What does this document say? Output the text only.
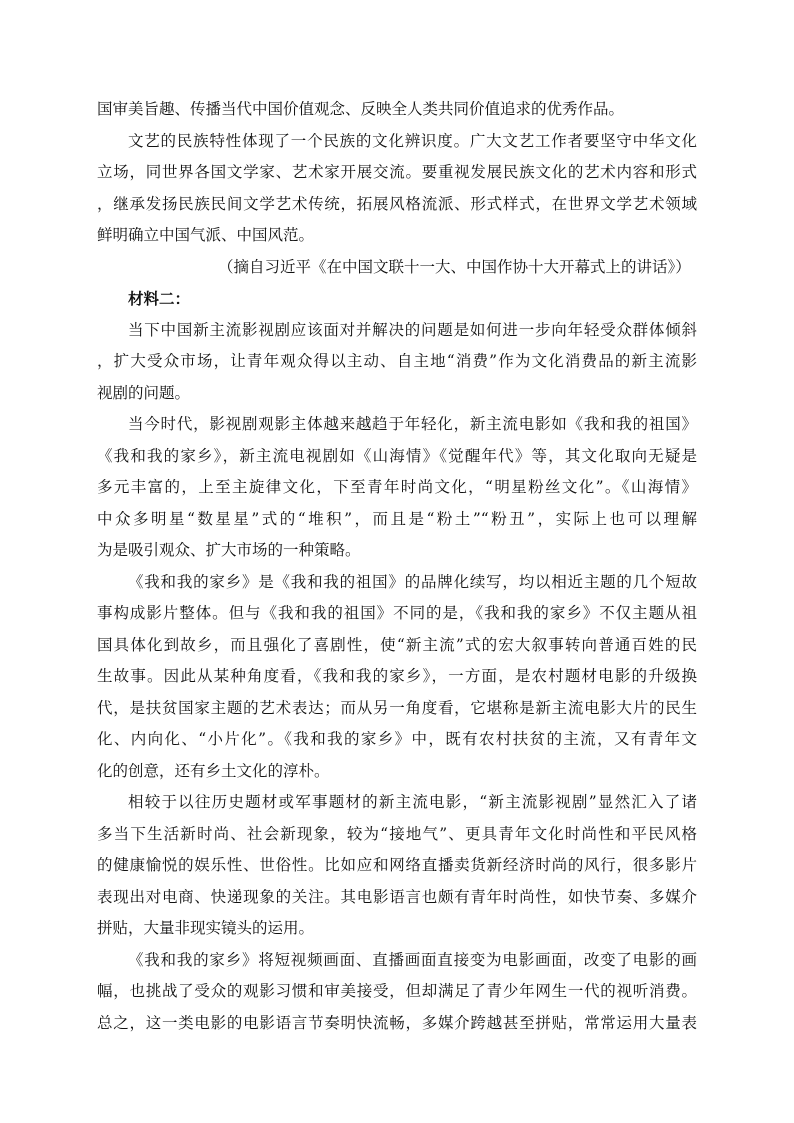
国审美旨趣、传播当代中国价值观念、反映全人类共同价值追求的优秀作品。
文艺的民族特性体现了一个民族的文化辨识度。广大文艺工作者要坚守中华文化
立场，同世界各国文学家、艺术家开展交流。要重视发展民族文化的艺术内容和形式
，继承发扬民族民间文学艺术传统，拓展风格流派、形式样式，在世界文学艺术领域
鲜明确立中国气派、中国风范。
（摘自习近平《在中国文联十一大、中国作协十大开幕式上的讲话》）
材料二：
当下中国新主流影视剧应该面对并解决的问题是如何进一步向年轻受众群体倾斜
，扩大受众市场，让青年观众得以主动、自主地“消费”作为文化消费品的新主流影
视剧的问题。
当今时代，影视剧观影主体越来越趋于年轻化，新主流电影如《我和我的祖国》
《我和我的家乡》，新主流电视剧如《山海情》《觉醒年代》等，其文化取向无疑是
多元丰富的，上至主旋律文化，下至青年时尚文化，“明星粉丝文化”。《山海情》
中众多明星“数星星”式的“堆积”，而且是“粉土”“粉丑”，实际上也可以理解
为是吸引观众、扩大市场的一种策略。
《我和我的家乡》是《我和我的祖国》的品牌化续写，均以相近主题的几个短故
事构成影片整体。但与《我和我的祖国》不同的是，《我和我的家乡》不仅主题从祖
国具体化到故乡，而且强化了喜剧性，使“新主流”式的宏大叙事转向普通百姓的民
生故事。因此从某种角度看，《我和我的家乡》，一方面，是农村题材电影的升级换
代，是扶贫国家主题的艺术表达；而从另一角度看，它堪称是新主流电影大片的民生
化、内向化、“小片化”。《我和我的家乡》中，既有农村扶贫的主流，又有青年文
化的创意，还有乡土文化的淳朴。
相较于以往历史题材或军事题材的新主流电影，“新主流影视剧”显然汇入了诸
多当下生活新时尚、社会新现象，较为“接地气”、更具青年文化时尚性和平民风格
的健康愉悦的娱乐性、世俗性。比如应和网络直播卖货新经济时尚的风行，很多影片
表现出对电商、快递现象的关注。其电影语言也颇有青年时尚性，如快节奏、多媒介
拼贴，大量非现实镜头的运用。
《我和我的家乡》将短视频画面、直播画面直接变为电影画面，改变了电影的画
幅，也挑战了受众的观影习惯和审美接受，但却满足了青少年网生一代的视听消费。
总之，这一类电影的电影语言节奏明快流畅，多媒介跨越甚至拼贴，常常运用大量表
